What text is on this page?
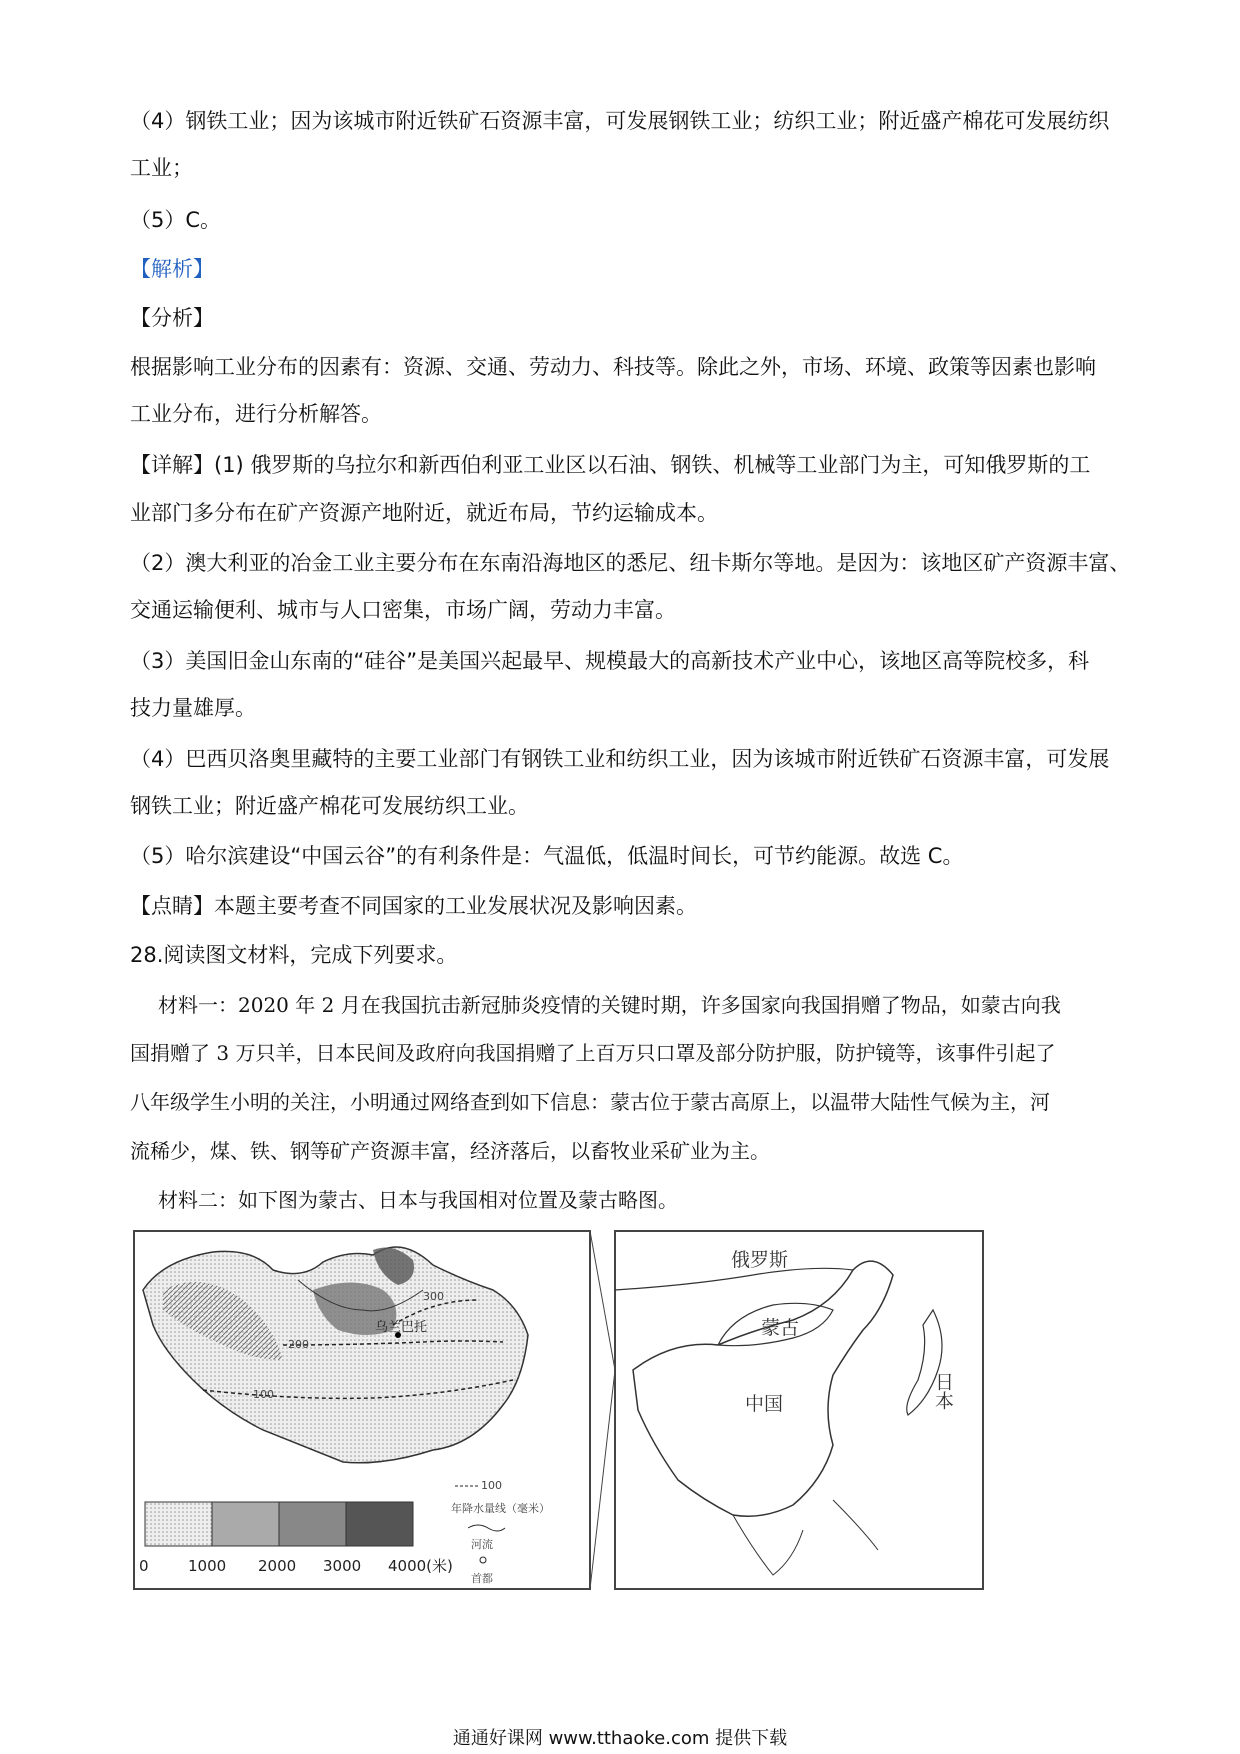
（4）钢铁工业；因为该城市附近铁矿石资源丰富，可发展钢铁工业；纺织工业；附近盛产棉花可发展纺织
工业；
（5）C。
【解析】
【分析】
根据影响工业分布的因素有：资源、交通、劳动力、科技等。除此之外，市场、环境、政策等因素也影响
工业分布，进行分析解答。
【详解】(1) 俄罗斯的乌拉尔和新西伯利亚工业区以石油、钢铁、机械等工业部门为主，可知俄罗斯的工
业部门多分布在矿产资源产地附近，就近布局，节约运输成本。
（2）澳大利亚的冶金工业主要分布在东南沿海地区的悉尼、纽卡斯尔等地。是因为：该地区矿产资源丰富、
交通运输便利、城市与人口密集，市场广阔，劳动力丰富。
（3）美国旧金山东南的“硅谷”是美国兴起最早、规模最大的高新技术产业中心，该地区高等院校多，科
技力量雄厚。
（4）巴西贝洛奥里藏特的主要工业部门有钢铁工业和纺织工业，因为该城市附近铁矿石资源丰富，可发展
钢铁工业；附近盛产棉花可发展纺织工业。
（5）哈尔滨建设“中国云谷”的有利条件是：气温低，低温时间长，可节约能源。故选 C。
【点睛】本题主要考查不同国家的工业发展状况及影响因素。
28.阅读图文材料，完成下列要求。
材料一：2020 年 2 月在我国抗击新冠肺炎疫情的关键时期，许多国家向我国捐赠了物品，如蒙古向我
国捐赠了 3 万只羊，日本民间及政府向我国捐赠了上百万只口罩及部分防护服，防护镜等，该事件引起了
八年级学生小明的关注，小明通过网络查到如下信息：蒙古位于蒙古高原上，以温带大陆性气候为主，河
流稀少，煤、铁、钢等矿产资源丰富，经济落后，以畜牧业采矿业为主。
材料二：如下图为蒙古、日本与我国相对位置及蒙古略图。
300
200
100
乌兰巴托
100
年降水量线（毫米）
河流
首都
0	1000 2000 3000 4000(米)
俄罗斯
蒙古
中国	日本
通通好课网 www.tthaoke.com 提供下载
